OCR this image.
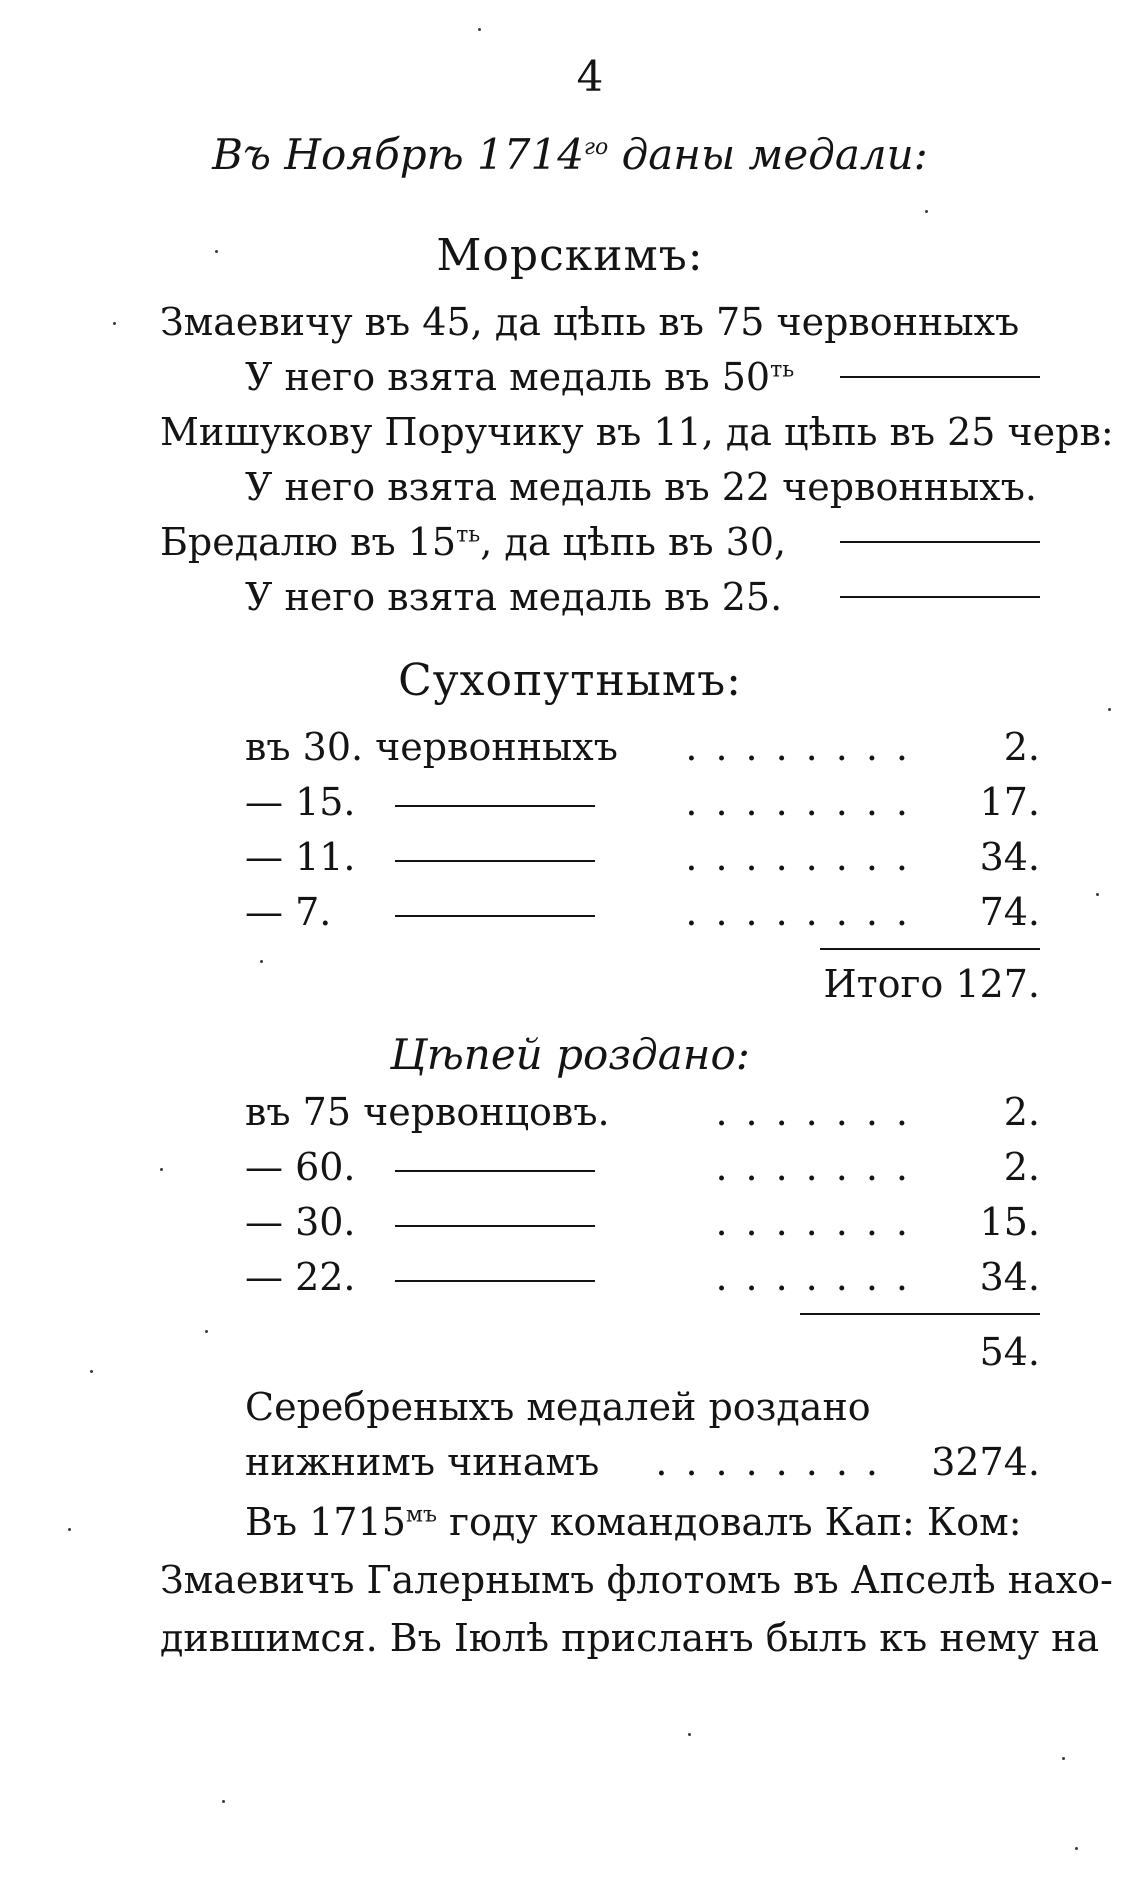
4
Въ Нoябрѣ $1714^{го}$ даны медали:
Морскимъ:
Змаевичу въ 45, да цѣпь въ 75 червонныхъ
У него взята медаль въ $50^{ть}$
Мишукову Поручику въ 11, да цѣпь въ 25 черв:
У него взята медаль въ 22 червонныхъ.
Бредалю въ $15^{ть}$, да цѣпь въ 30,
У него взята медаль въ 25.
Сухопутнымъ:
въ 30. червонныхъ	........	2.
— 15.	........	17.
— 11.	........	34.
— 7.	........	74.
Итого 127.
Цѣпей роздано:
въ 75 червонцовъ.	.......	2.
— 60.	.......	2.
— 30.	.......	15.
— 22.	.......	34.
54.
Серебреныхъ медалей роздано
нижнимъ чинамъ	........ 3274.
Въ $1715^{мъ}$ году командовалъ Кап: Ком:
Змаевичъ Галернымъ флотомъ въ Апселѣ нахо-
дившимся. Въ Iюлѣ присланъ былъ къ нему на
